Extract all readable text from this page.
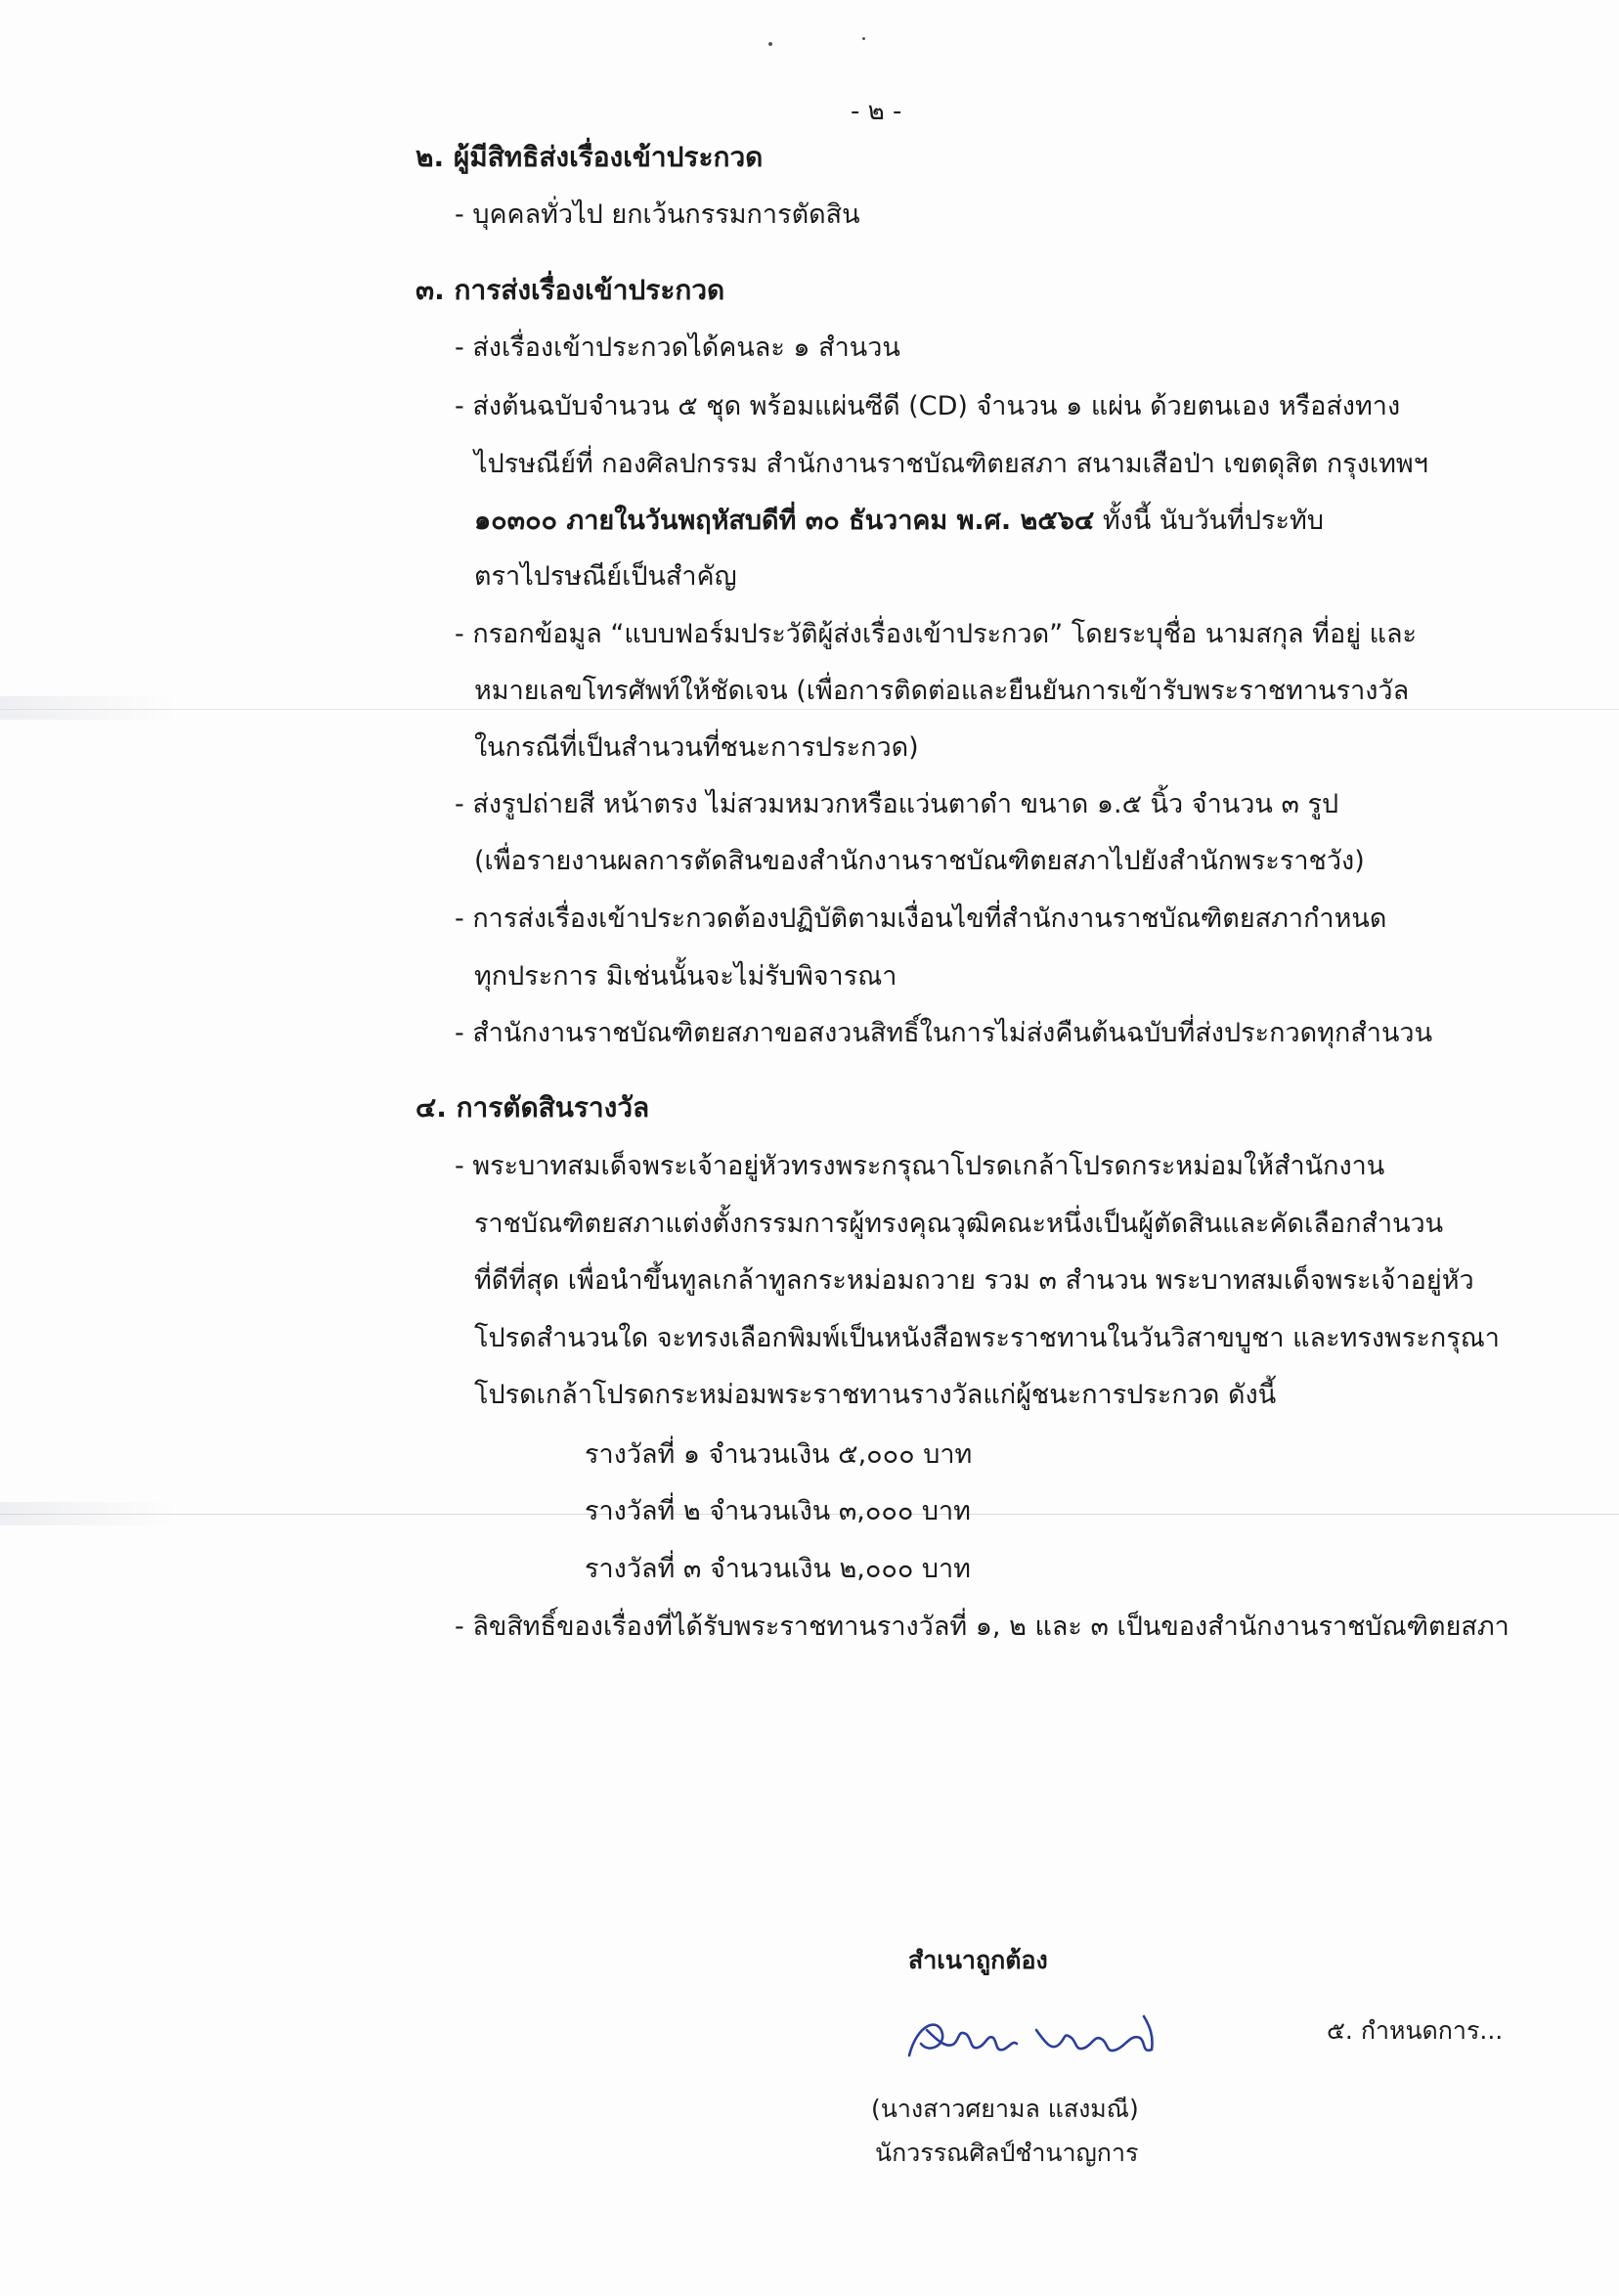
- ๒ -
๒. ผู้มีสิทธิส่งเรื่องเข้าประกวด
- บุคคลทั่วไป ยกเว้นกรรมการตัดสิน
๓. การส่งเรื่องเข้าประกวด
- ส่งเรื่องเข้าประกวดได้คนละ ๑ สำนวน
- ส่งต้นฉบับจำนวน ๕ ชุด พร้อมแผ่นซีดี (CD) จำนวน ๑ แผ่น ด้วยตนเอง หรือส่งทาง
ไปรษณีย์ที่ กองศิลปกรรม สำนักงานราชบัณฑิตยสภา สนามเสือป่า เขตดุสิต กรุงเทพฯ
๑๐๓๐๐ ภายในวันพฤหัสบดีที่ ๓๐ ธันวาคม พ.ศ. ๒๕๖๔ ทั้งนี้ นับวันที่ประทับ
ตราไปรษณีย์เป็นสำคัญ
- กรอกข้อมูล “แบบฟอร์มประวัติผู้ส่งเรื่องเข้าประกวด” โดยระบุชื่อ นามสกุล ที่อยู่ และ
หมายเลขโทรศัพท์ให้ชัดเจน (เพื่อการติดต่อและยืนยันการเข้ารับพระราชทานรางวัล
ในกรณีที่เป็นสำนวนที่ชนะการประกวด)
- ส่งรูปถ่ายสี หน้าตรง ไม่สวมหมวกหรือแว่นตาดำ ขนาด ๑.๕ นิ้ว จำนวน ๓ รูป
(เพื่อรายงานผลการตัดสินของสำนักงานราชบัณฑิตยสภาไปยังสำนักพระราชวัง)
- การส่งเรื่องเข้าประกวดต้องปฏิบัติตามเงื่อนไขที่สำนักงานราชบัณฑิตยสภากำหนด
ทุกประการ มิเช่นนั้นจะไม่รับพิจารณา
- สำนักงานราชบัณฑิตยสภาขอสงวนสิทธิ์ในการไม่ส่งคืนต้นฉบับที่ส่งประกวดทุกสำนวน
๔. การตัดสินรางวัล
- พระบาทสมเด็จพระเจ้าอยู่หัวทรงพระกรุณาโปรดเกล้าโปรดกระหม่อมให้สำนักงาน
ราชบัณฑิตยสภาแต่งตั้งกรรมการผู้ทรงคุณวุฒิคณะหนึ่งเป็นผู้ตัดสินและคัดเลือกสำนวน
ที่ดีที่สุด เพื่อนำขึ้นทูลเกล้าทูลกระหม่อมถวาย รวม ๓ สำนวน พระบาทสมเด็จพระเจ้าอยู่หัว
โปรดสำนวนใด จะทรงเลือกพิมพ์เป็นหนังสือพระราชทานในวันวิสาขบูชา และทรงพระกรุณา
โปรดเกล้าโปรดกระหม่อมพระราชทานรางวัลแก่ผู้ชนะการประกวด ดังนี้
รางวัลที่ ๑ จำนวนเงิน ๕,๐๐๐ บาท
รางวัลที่ ๒ จำนวนเงิน ๓,๐๐๐ บาท
รางวัลที่ ๓ จำนวนเงิน ๒,๐๐๐ บาท
- ลิขสิทธิ์ของเรื่องที่ได้รับพระราชทานรางวัลที่ ๑, ๒ และ ๓ เป็นของสำนักงานราชบัณฑิตยสภา
สำเนาถูกต้อง
(นางสาวศยามล แสงมณี)
นักวรรณศิลป์ชำนาญการ
๕. กำหนดการ...
